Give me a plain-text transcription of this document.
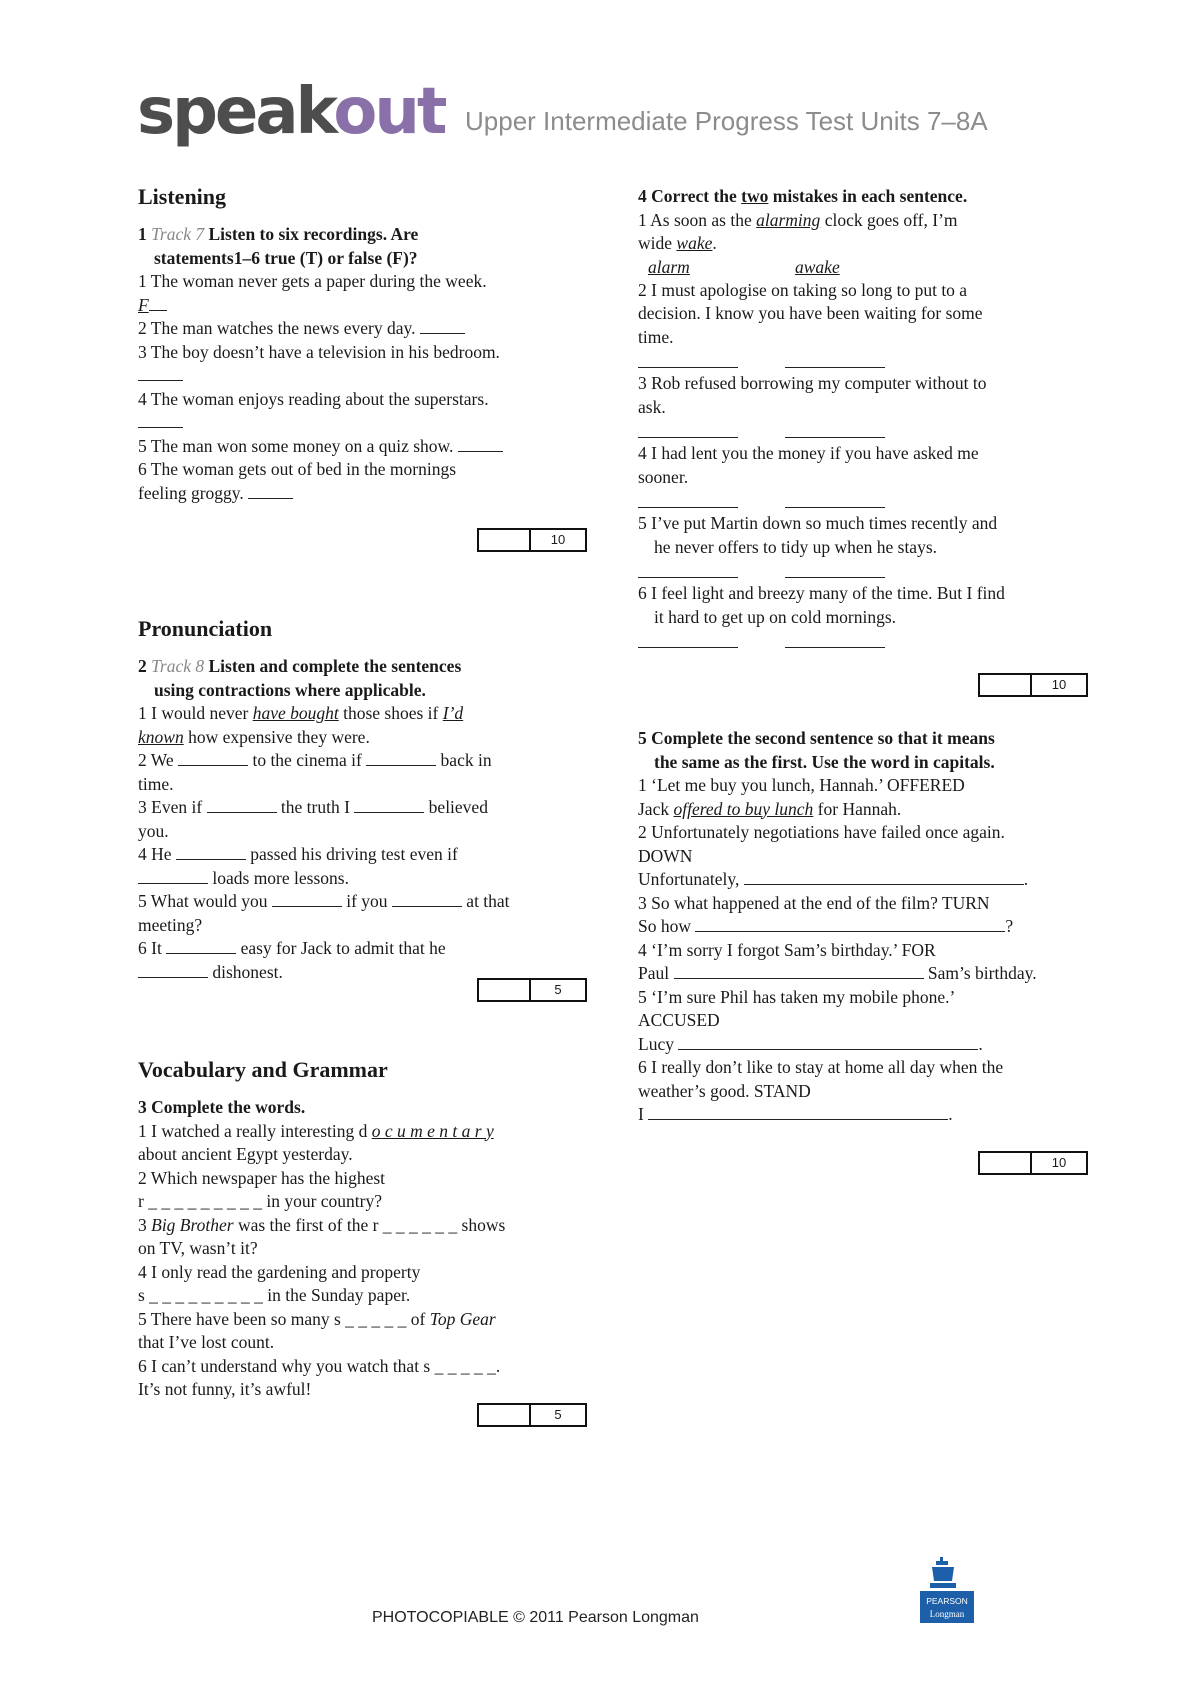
speakout Upper Intermediate Progress Test Units 7–8A

Listening

1 Track 7 Listen to six recordings. Are

statements1–6 true (T) or false (F)?

1 The woman never gets a paper during the week.

F

2 The man watches the news every day.

3 The boy doesn’t have a television in his bedroom.

4 The woman enjoys reading about the superstars.

5 The man won some money on a quiz show.

6 The woman gets out of bed in the mornings

feeling groggy.

Pronunciation

2 Track 8 Listen and complete the sentences

using contractions where applicable.

1 I would never have bought those shoes if I’d

known how expensive they were.

2 We	to the cinema if	back in

time.

3 Even if	the truth I	believed

you.

4 He	passed his driving test even if

loads more lessons.

5 What would you	if you	at that

meeting?

6 It	easy for Jack to admit that he

dishonest.

Vocabulary and Grammar

3 Complete the words.

1 I watched a really interesting d o c u m e n t a r y

about ancient Egypt yesterday.

2 Which newspaper has the highest

r _ _ _ _ _ _ _ _ _ in your country?

3 Big Brother was the first of the r _ _ _ _ _ _ shows

on TV, wasn’t it?

4 I only read the gardening and property

s _ _ _ _ _ _ _ _ _ in the Sunday paper.

5 There have been so many s _ _ _ _ _ of Top Gear

that I’ve lost count.

6 I can’t understand why you watch that s _ _ _ _ _.

It’s not funny, it’s awful!

10
5
5

4 Correct the two mistakes in each sentence.

1 As soon as the alarming clock goes off, I’m

wide wake.

alarm	awake

2 I must apologise on taking so long to put to a

decision. I know you have been waiting for some

time.

3 Rob refused borrowing my computer without to

ask.

4 I had lent you the money if you have asked me

sooner.

5 I’ve put Martin down so much times recently and

he never offers to tidy up when he stays.

6 I feel light and breezy many of the time. But I find

it hard to get up on cold mornings.

5 Complete the second sentence so that it means

the same as the first. Use the word in capitals.

1 ‘Let me buy you lunch, Hannah.’ OFFERED

Jack offered to buy lunch for Hannah.

2 Unfortunately negotiations have failed once again.

DOWN

Unfortunately,	.

3 So what happened at the end of the film? TURN

So how	?

4 ‘I’m sorry I forgot Sam’s birthday.’ FOR

Paul	Sam’s birthday.

5 ‘I’m sure Phil has taken my mobile phone.’

ACCUSED

Lucy	.

6 I really don’t like to stay at home all day when the

weather’s good. STAND

I	.

10
10
PHOTOCOPIABLE © 2011 Pearson Longman
PEARSON
Longman
